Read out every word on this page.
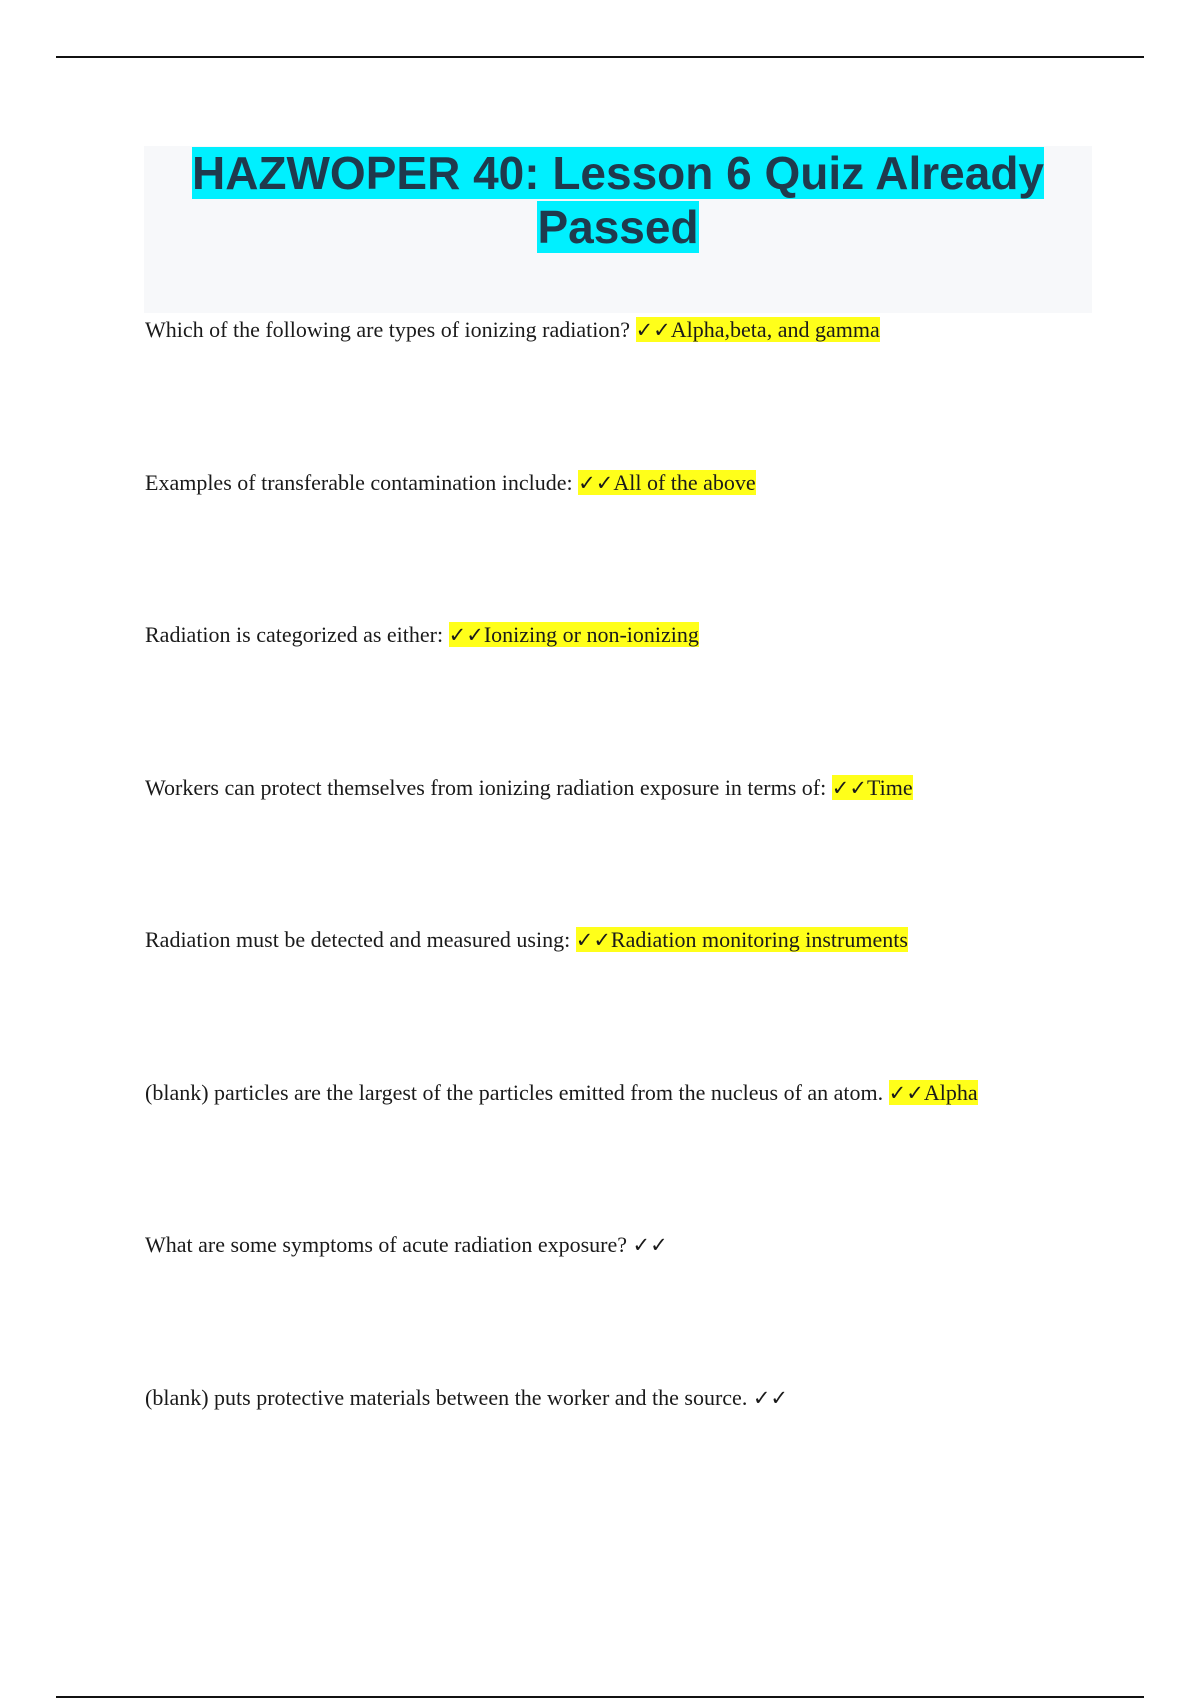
HAZWOPER 40: Lesson 6 Quiz Already Passed

Which of the following are types of ionizing radiation? ✓✓Alpha,beta, and gamma

Examples of transferable contamination include: ✓✓All of the above

Radiation is categorized as either: ✓✓Ionizing or non-ionizing

Workers can protect themselves from ionizing radiation exposure in terms of: ✓✓Time

Radiation must be detected and measured using: ✓✓Radiation monitoring instruments

(blank) particles are the largest of the particles emitted from the nucleus of an atom. ✓✓Alpha

What are some symptoms of acute radiation exposure? ✓✓

(blank) puts protective materials between the worker and the source. ✓✓
